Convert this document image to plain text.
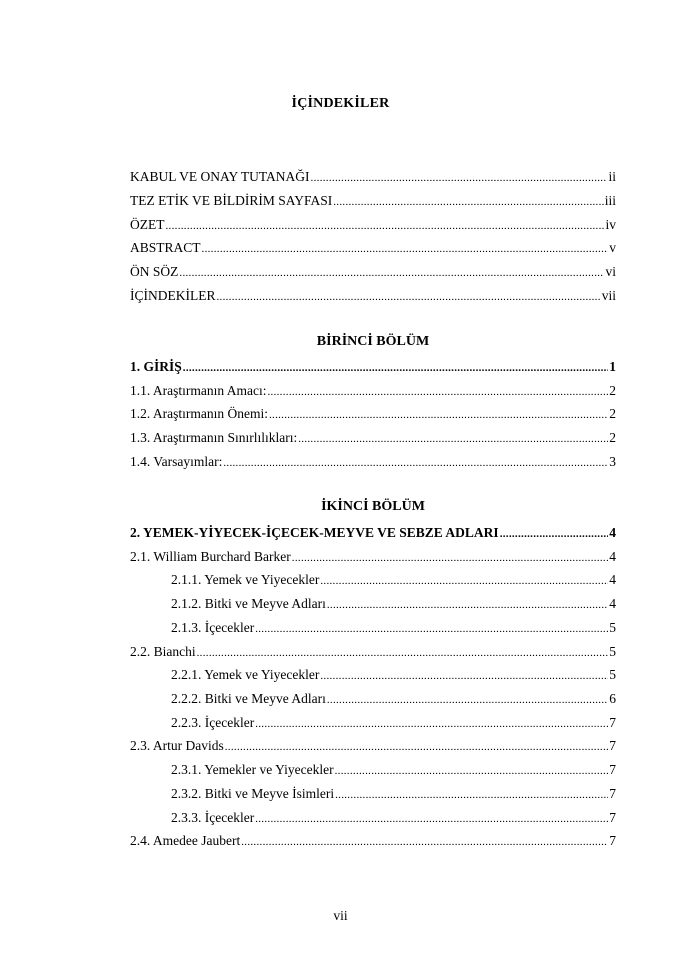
İÇİNDEKİLER
KABUL VE ONAY TUTANAĞI .....	ii
TEZ ETİK VE BİLDİRİM SAYFASI .....	iii
ÖZET .....	iv
ABSTRACT .....	v
ÖN SÖZ .....	vi
İÇİNDEKİLER .....	vii
BİRİNCİ BÖLÜM
1. GİRİŞ .....	1
1.1. Araştırmanın Amacı: .....	2
1.2. Araştırmanın Önemi: .....	2
1.3. Araştırmanın Sınırlılıkları: .....	2
1.4. Varsayımlar: .....	3
İKİNCİ BÖLÜM
2. YEMEK-YİYECEK-İÇECEK-MEYVE VE SEBZE ADLARI .....	4
2.1. William Burchard Barker .....	4
2.1.1. Yemek ve Yiyecekler .....	4
2.1.2. Bitki ve Meyve Adları .....	4
2.1.3. İçecekler .....	5
2.2. Bianchi .....	5
2.2.1. Yemek ve Yiyecekler .....	5
2.2.2. Bitki ve Meyve Adları .....	6
2.2.3. İçecekler .....	7
2.3. Artur Davids .....	7
2.3.1. Yemekler ve Yiyecekler .....	7
2.3.2. Bitki ve Meyve İsimleri .....	7
2.3.3. İçecekler .....	7
2.4. Amedee Jaubert .....	7
vii
